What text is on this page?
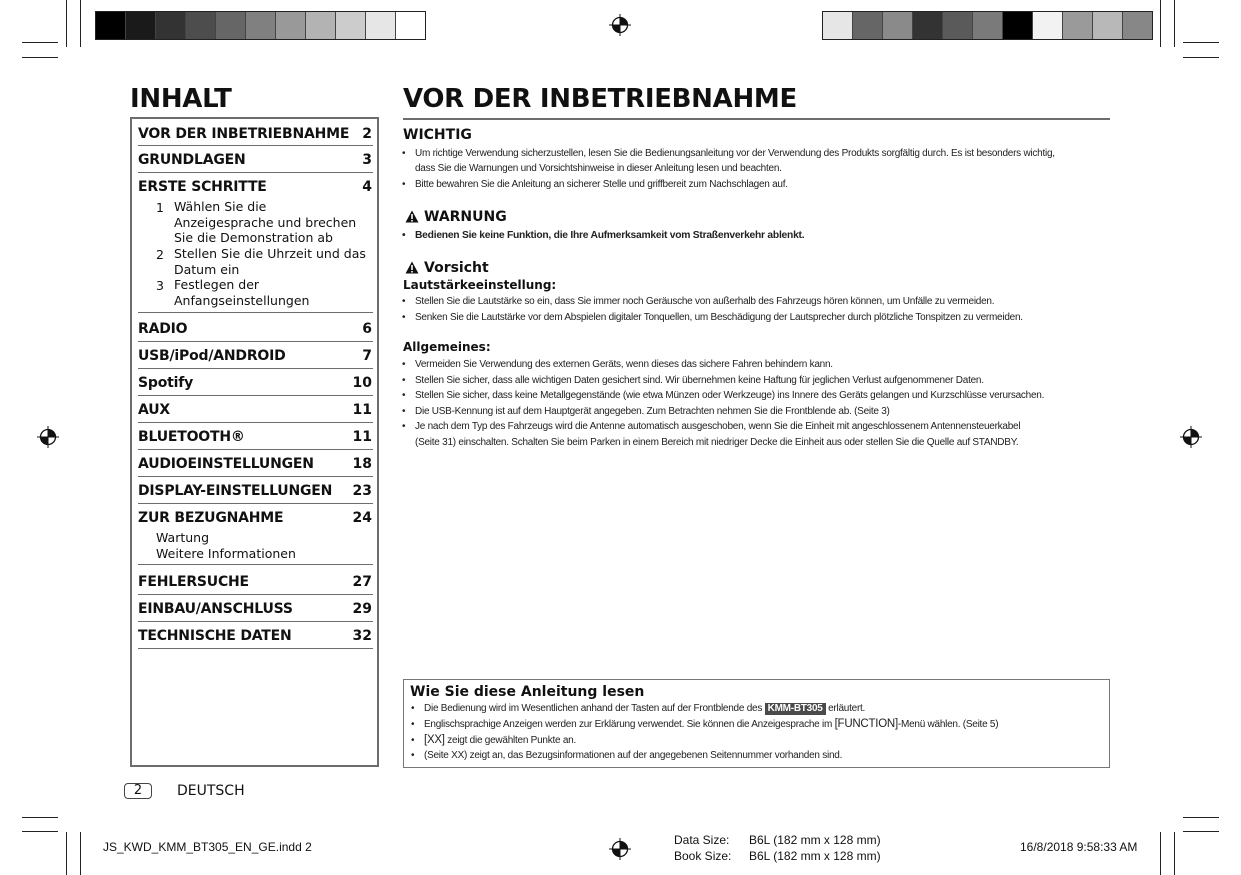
INHALT
VOR DER INBETRIEBNAHME 2
GRUNDLAGEN	3
ERSTE SCHRITTE	4
1 Wählen Sie die
Anzeigesprache und brechen
Sie die Demonstration ab
2 Stellen Sie die Uhrzeit und das
Datum ein
3 Festlegen der
Anfangseinstellungen
RADIO	6
USB/iPod/ANDROID	7
Spotify	10
AUX	11
BLUETOOTH®	11
AUDIOEINSTELLUNGEN	18
DISPLAY-EINSTELLUNGEN 23
ZUR BEZUGNAHME	24
Wartung
Weitere Informationen
FEHLERSUCHE	27
EINBAU/ANSCHLUSS	29
TECHNISCHE DATEN	32
VOR DER INBETRIEBNAHME
WICHTIG
• Um richtige Verwendung sicherzustellen, lesen Sie die Bedienungsanleitung vor der Verwendung des Produkts sorgfältig durch. Es ist besonders wichtig,
dass Sie die Warnungen und Vorsichtshinweise in dieser Anleitung lesen und beachten.
• Bitte bewahren Sie die Anleitung an sicherer Stelle und griffbereit zum Nachschlagen auf.
WARNUNG
• Bedienen Sie keine Funktion, die Ihre Aufmerksamkeit vom Straßenverkehr ablenkt.
Vorsicht
Lautstärkeeinstellung:
• Stellen Sie die Lautstärke so ein, dass Sie immer noch Geräusche von außerhalb des Fahrzeugs hören können, um Unfälle zu vermeiden.
• Senken Sie die Lautstärke vor dem Abspielen digitaler Tonquellen, um Beschädigung der Lautsprecher durch plötzliche Tonspitzen zu vermeiden.
Allgemeines:
• Vermeiden Sie Verwendung des externen Geräts, wenn dieses das sichere Fahren behindern kann.
• Stellen Sie sicher, dass alle wichtigen Daten gesichert sind. Wir übernehmen keine Haftung für jeglichen Verlust aufgenommener Daten.
• Stellen Sie sicher, dass keine Metallgegenstände (wie etwa Münzen oder Werkzeuge) ins Innere des Geräts gelangen und Kurzschlüsse verursachen.
• Die USB-Kennung ist auf dem Hauptgerät angegeben. Zum Betrachten nehmen Sie die Frontblende ab. (Seite 3)
• Je nach dem Typ des Fahrzeugs wird die Antenne automatisch ausgeschoben, wenn Sie die Einheit mit angeschlossenem Antennensteuerkabel
(Seite 31) einschalten. Schalten Sie beim Parken in einem Bereich mit niedriger Decke die Einheit aus oder stellen Sie die Quelle auf STANDBY.
Wie Sie diese Anleitung lesen
• Die Bedienung wird im Wesentlichen anhand der Tasten auf der Frontblende des KMM-BT305 erläutert.
• Englischsprachige Anzeigen werden zur Erklärung verwendet. Sie können die Anzeigesprache im [FUNCTION]-Menü wählen. (Seite 5)
• [XX] zeigt die gewählten Punkte an.
• (Seite XX) zeigt an, das Bezugsinformationen auf der angegebenen Seitennummer vorhanden sind.
2	DEUTSCH
JS_KWD_KMM_BT305_EN_GE.indd 2	Data Size: B6L (182 mm x 128 mm)
Book Size: B6L (182 mm x 128 mm)
16/8/2018 9:58:33 AM
